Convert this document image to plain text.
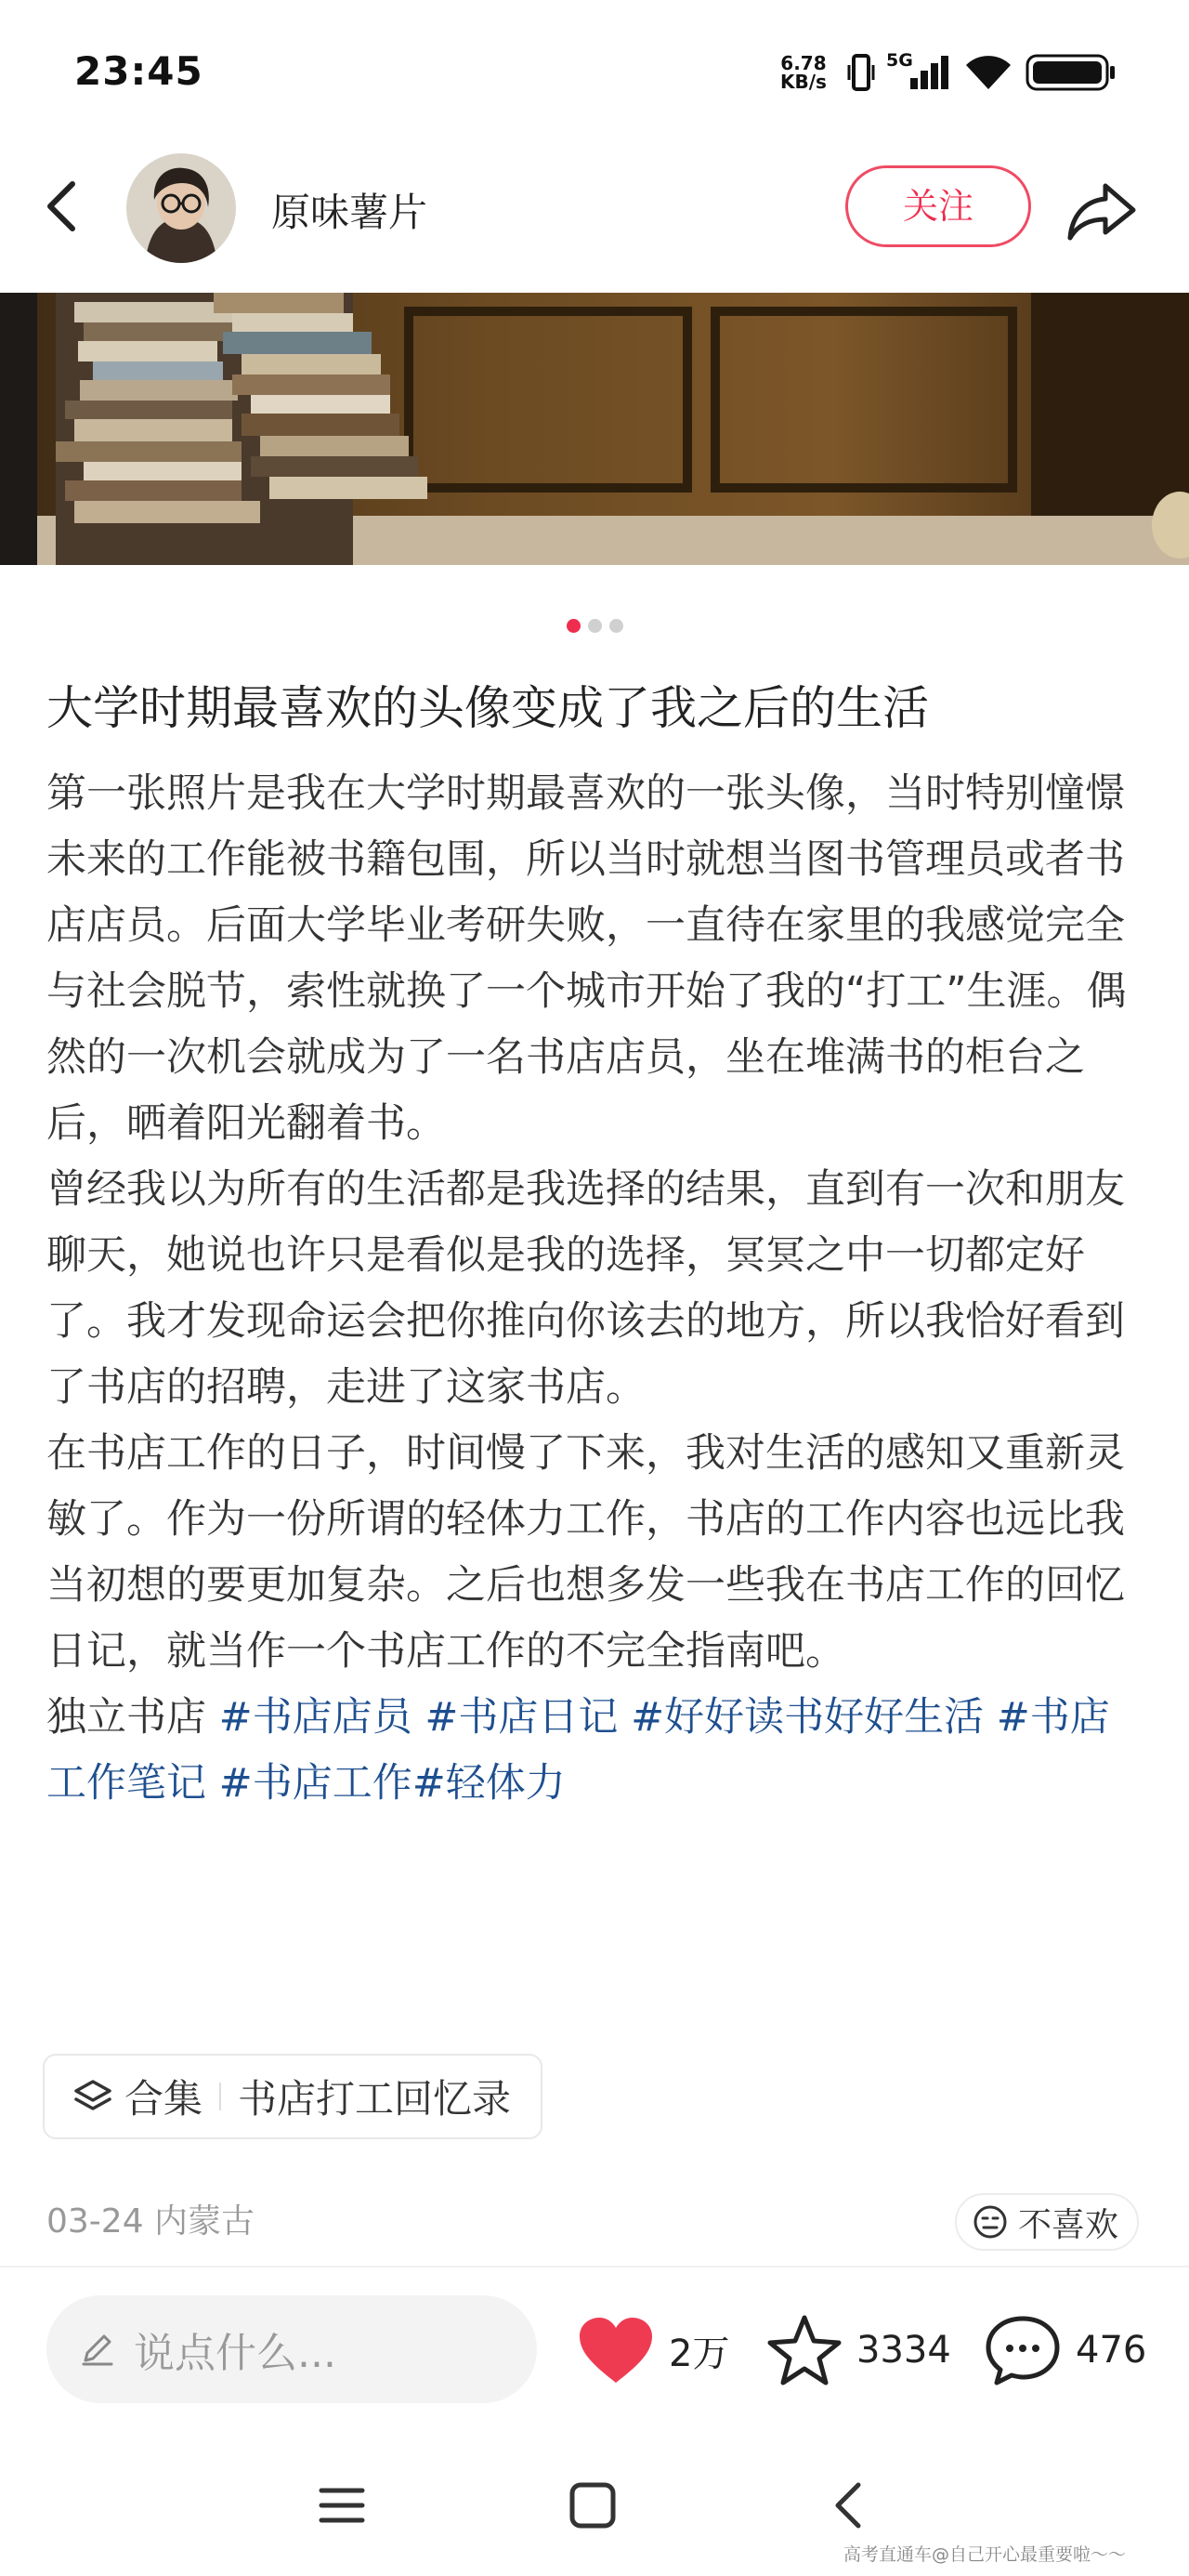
23:45	6.78
KB/s
5G
原味薯片	关注
大学时期最喜欢的头像变成了我之后的生活

第一张照片是我在大学时期最喜欢的一张头像，当时特别憧憬未来的工作能被书籍包围，所以当时就想当图书管理员或者书店店员。后面大学毕业考研失败，一直待在家里的我感觉完全与社会脱节，索性就换了一个城市开始了我的“打工”生涯。偶然的一次机会就成为了一名书店店员，坐在堆满书的柜台之后，晒着阳光翻着书。

曾经我以为所有的生活都是我选择的结果，直到有一次和朋友聊天，她说也许只是看似是我的选择，冥冥之中一切都定好了。我才发现命运会把你推向你该去的地方，所以我恰好看到了书店的招聘，走进了这家书店。

在书店工作的日子，时间慢了下来，我对生活的感知又重新灵敏了。作为一份所谓的轻体力工作，书店的工作内容也远比我当初想的要更加复杂。之后也想多发一些我在书店工作的回忆日记，就当作一个书店工作的不完全指南吧。

独立书店 #书店店员 #书店日记 #好好读书好好生活 #书店工作笔记 #书店工作#轻体力

合集 书店打工回忆录
03-24 内蒙古	不喜欢
说点什么...	2万	3334	476
高考直通车@自己开心最重要啦～～
